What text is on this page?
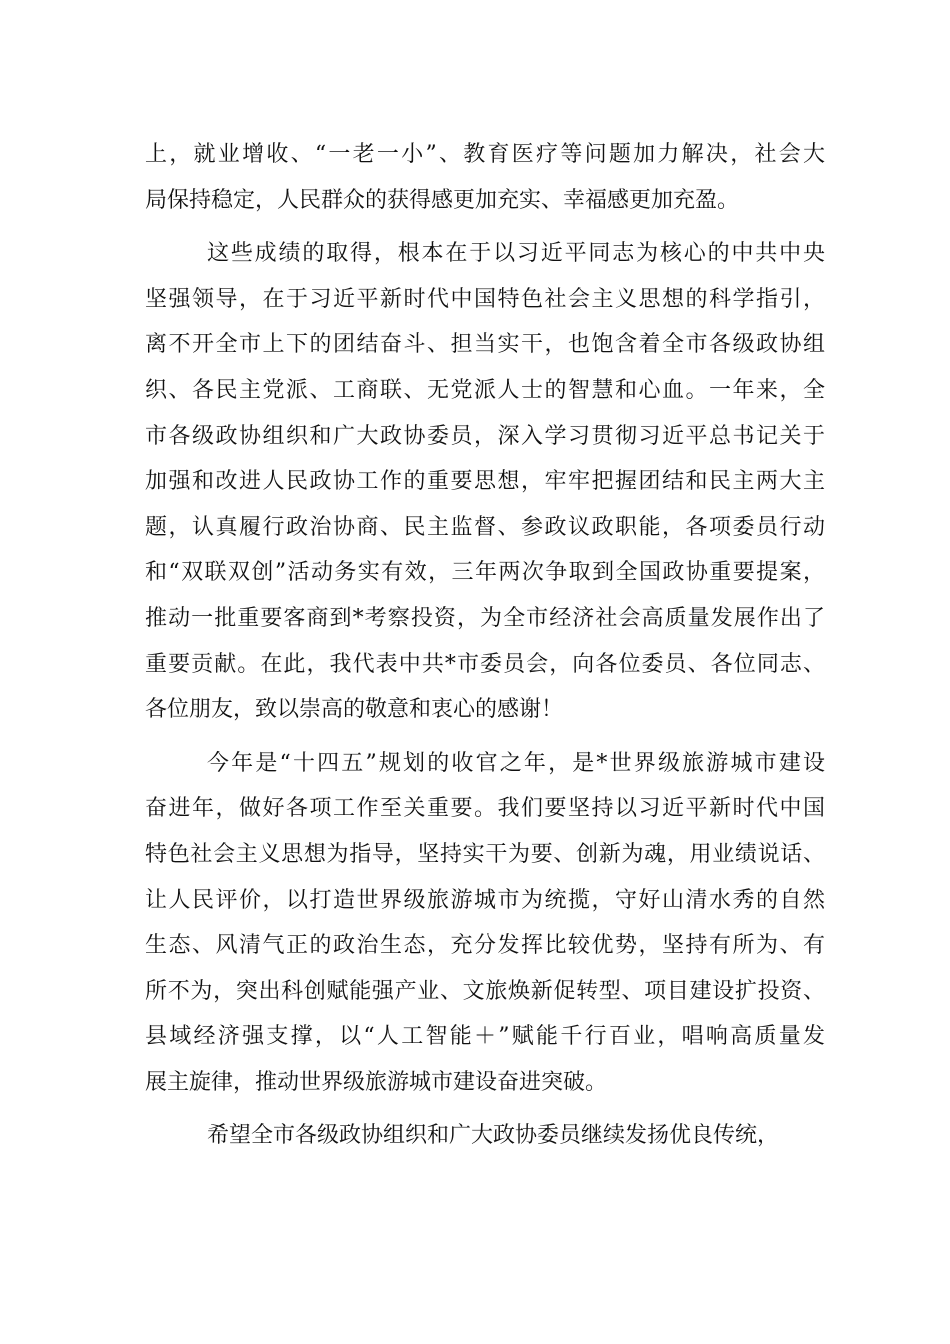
上，就业增收、“一老一小”、教育医疗等问题加力解决，社会大
局保持稳定，人民群众的获得感更加充实、幸福感更加充盈。
这些成绩的取得，根本在于以习近平同志为核心的中共中央
坚强领导，在于习近平新时代中国特色社会主义思想的科学指引，
离不开全市上下的团结奋斗、担当实干，也饱含着全市各级政协组
织、各民主党派、工商联、无党派人士的智慧和心血。一年来，全
市各级政协组织和广大政协委员，深入学习贯彻习近平总书记关于
加强和改进人民政协工作的重要思想，牢牢把握团结和民主两大主
题，认真履行政治协商、民主监督、参政议政职能，各项委员行动
和“双联双创”活动务实有效，三年两次争取到全国政协重要提案，
推动一批重要客商到*考察投资，为全市经济社会高质量发展作出了
重要贡献。在此，我代表中共*市委员会，向各位委员、各位同志、
各位朋友，致以崇高的敬意和衷心的感谢！
今年是“十四五”规划的收官之年，是*世界级旅游城市建设
奋进年，做好各项工作至关重要。我们要坚持以习近平新时代中国
特色社会主义思想为指导，坚持实干为要、创新为魂，用业绩说话、
让人民评价，以打造世界级旅游城市为统揽，守好山清水秀的自然
生态、风清气正的政治生态，充分发挥比较优势，坚持有所为、有
所不为，突出科创赋能强产业、文旅焕新促转型、项目建设扩投资、
县域经济强支撑，以“人工智能＋”赋能千行百业，唱响高质量发
展主旋律，推动世界级旅游城市建设奋进突破。
希望全市各级政协组织和广大政协委员继续发扬优良传统，
